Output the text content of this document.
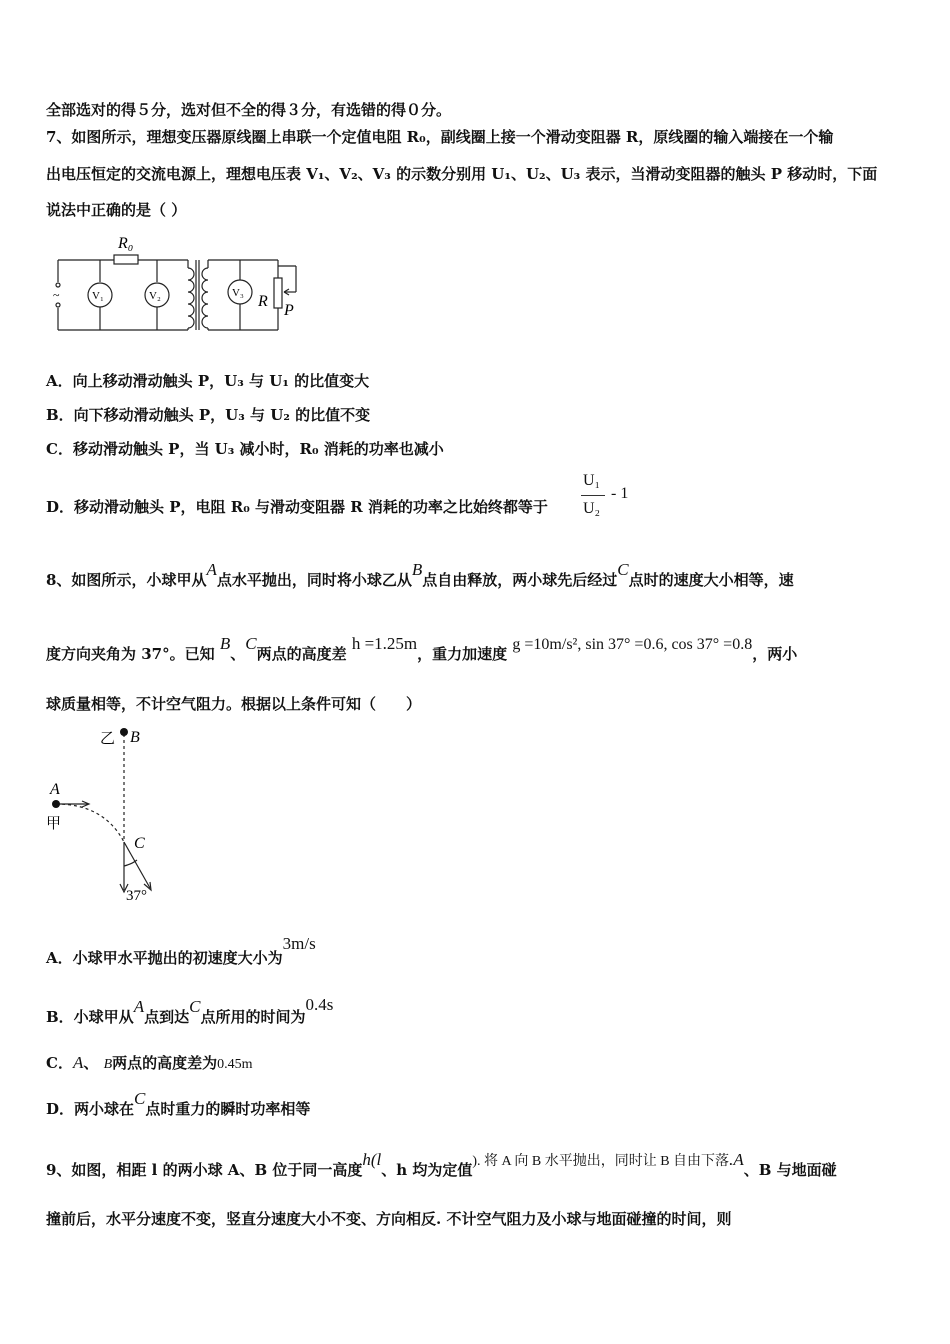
全部选对的得５分，选对但不全的得３分，有选错的得０分。
7、如图所示，理想变压器原线圈上串联一个定值电阻 R₀，副线圈上接一个滑动变阻器 R，原线圈的输入端接在一个输
出电压恒定的交流电源上，理想电压表 V₁、V₂、V₃ 的示数分别用 U₁、U₂、U₃ 表示，当滑动变阻器的触头 P 移动时，下面
说法中正确的是（ ）
R₀
~	V₁	V₂	V₃ R
P
A．向上移动滑动触头 P，U₃ 与 U₁ 的比值变大
B．向下移动滑动触头 P，U₃ 与 U₂ 的比值不变
C．移动滑动触头 P，当 U₃ 减小时，R₀ 消耗的功率也减小
D．移动滑动触头 P，电阻 R₀ 与滑动变阻器 R 消耗的功率之比始终都等于
U₁
U₂
- 1
8、如图所示，小球甲从A点水平抛出，同时将小球乙从B点自由释放，两小球先后经过C点时的速度大小相等，速
度方向夹角为 37°。已知 B、C两点的高度差 h =1.25m，重力加速度 g =10m/s², sin 37° =0.6, cos 37° =0.8，两小
球质量相等，不计空气阻力。根据以上条件可知（　　）
乙 B
A
甲
C
37°
A．小球甲水平抛出的初速度大小为3m/s
B．小球甲从A点到达C点所用的时间为0.4s
C．A、 B两点的高度差为0.45m
D．两小球在C点时重力的瞬时功率相等
9、如图，相距 l 的两小球 A、B 位于同一高度h(l、h 均为定值). 将 A 向 B 水平抛出，同时让 B 自由下落.A、B 与地面碰
撞前后，水平分速度不变，竖直分速度大小不变、方向相反. 不计空气阻力及小球与地面碰撞的时间，则
